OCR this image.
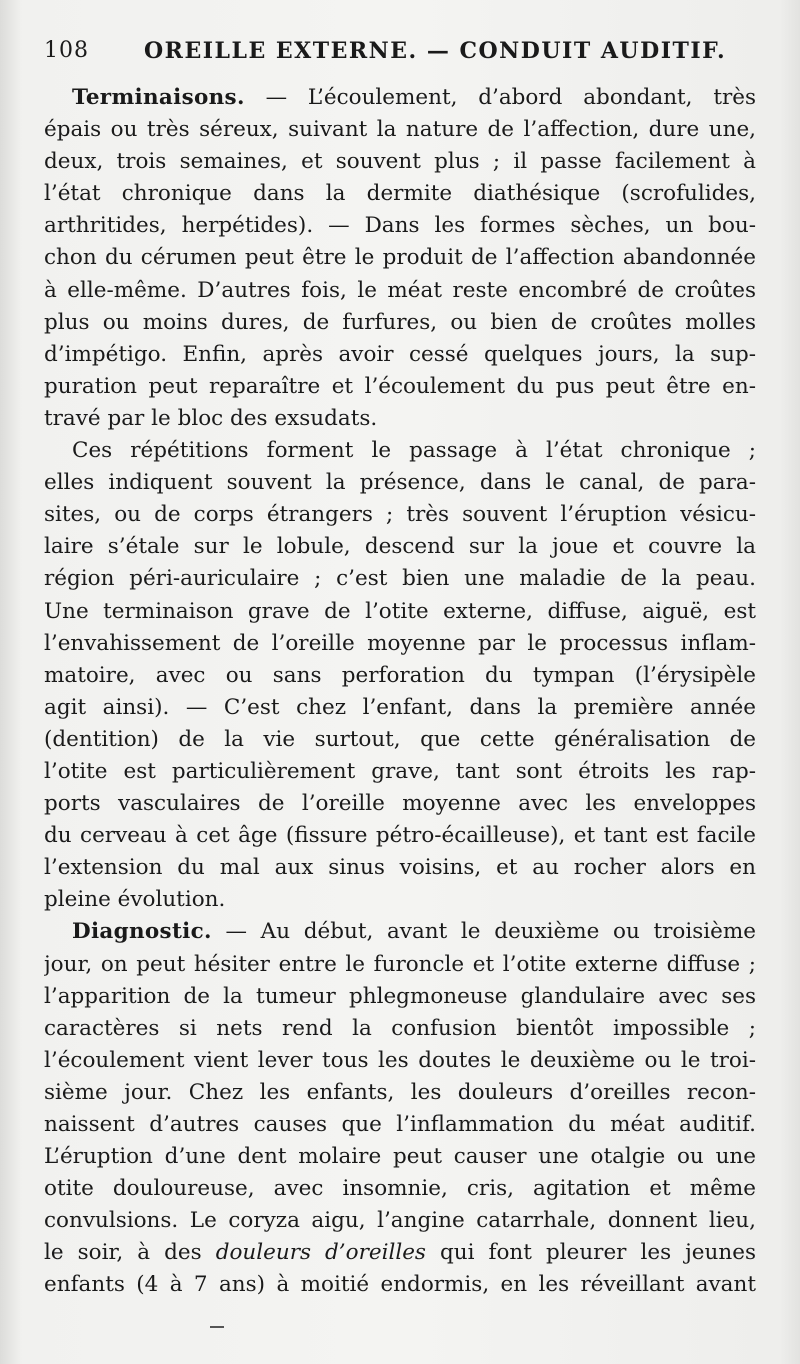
108	OREILLE EXTERNE. — CONDUIT AUDITIF.
Terminaisons. — L’écoulement, d’abord abondant, très
épais ou très séreux, suivant la nature de l’affection, dure une,
deux, trois semaines, et souvent plus ; il passe facilement à
l’état chronique dans la dermite diathésique (scrofulides,
arthritides, herpétides). — Dans les formes sèches, un bou-
chon du cérumen peut être le produit de l’affection abandonnée
à elle-même. D’autres fois, le méat reste encombré de croûtes
plus ou moins dures, de furfures, ou bien de croûtes molles
d’impétigo. Enfin, après avoir cessé quelques jours, la sup-
puration peut reparaître et l’écoulement du pus peut être en-
travé par le bloc des exsudats.
Ces répétitions forment le passage à l’état chronique ;
elles indiquent souvent la présence, dans le canal, de para-
sites, ou de corps étrangers ; très souvent l’éruption vésicu-
laire s’étale sur le lobule, descend sur la joue et couvre la
région péri-auriculaire ; c’est bien une maladie de la peau.
Une terminaison grave de l’otite externe, diffuse, aiguë, est
l’envahissement de l’oreille moyenne par le processus inflam-
matoire, avec ou sans perforation du tympan (l’érysipèle
agit ainsi). — C’est chez l’enfant, dans la première année
(dentition) de la vie surtout, que cette généralisation de
l’otite est particulièrement grave, tant sont étroits les rap-
ports vasculaires de l’oreille moyenne avec les enveloppes
du cerveau à cet âge (fissure pétro-écailleuse), et tant est facile
l’extension du mal aux sinus voisins, et au rocher alors en
pleine évolution.
Diagnostic. — Au début, avant le deuxième ou troisième
jour, on peut hésiter entre le furoncle et l’otite externe diffuse ;
l’apparition de la tumeur phlegmoneuse glandulaire avec ses
caractères si nets rend la confusion bientôt impossible ;
l’écoulement vient lever tous les doutes le deuxième ou le troi-
sième jour. Chez les enfants, les douleurs d’oreilles recon-
naissent d’autres causes que l’inflammation du méat auditif.
L’éruption d’une dent molaire peut causer une otalgie ou une
otite douloureuse, avec insomnie, cris, agitation et même
convulsions. Le coryza aigu, l’angine catarrhale, donnent lieu,
le soir, à des douleurs d’oreilles qui font pleurer les jeunes
enfants (4 à 7 ans) à moitié endormis, en les réveillant avant
